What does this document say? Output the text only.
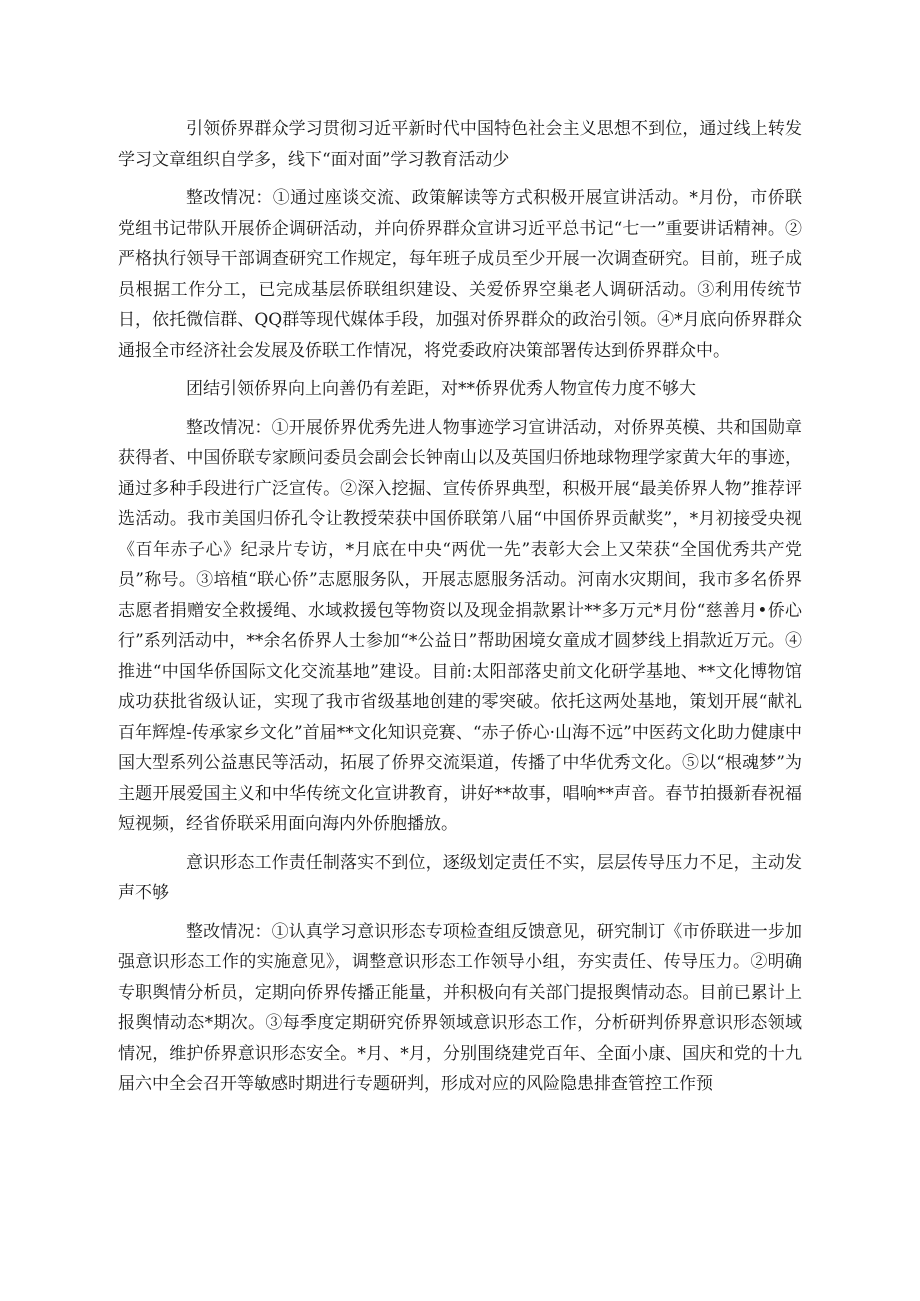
引领侨界群众学习贯彻习近平新时代中国特色社会主义思想不到位，通过线上转发学习文章组织自学多，线下“面对面”学习教育活动少

整改情况：①通过座谈交流、政策解读等方式积极开展宣讲活动。*月份，市侨联党组书记带队开展侨企调研活动，并向侨界群众宣讲习近平总书记“七一”重要讲话精神。②严格执行领导干部调查研究工作规定，每年班子成员至少开展一次调查研究。目前，班子成员根据工作分工，已完成基层侨联组织建设、关爱侨界空巢老人调研活动。③利用传统节日，依托微信群、QQ群等现代媒体手段，加强对侨界群众的政治引领。④*月底向侨界群众通报全市经济社会发展及侨联工作情况，将党委政府决策部署传达到侨界群众中。

团结引领侨界向上向善仍有差距，对**侨界优秀人物宣传力度不够大

整改情况：①开展侨界优秀先进人物事迹学习宣讲活动，对侨界英模、共和国勋章获得者、中国侨联专家顾问委员会副会长钟南山以及英国归侨地球物理学家黄大年的事迹，通过多种手段进行广泛宣传。②深入挖掘、宣传侨界典型，积极开展“最美侨界人物”推荐评选活动。我市美国归侨孔令让教授荣获中国侨联第八届“中国侨界贡献奖”，*月初接受央视《百年赤子心》纪录片专访，*月底在中央“两优一先”表彰大会上又荣获“全国优秀共产党员”称号。③培植“联心侨”志愿服务队，开展志愿服务活动。河南水灾期间，我市多名侨界志愿者捐赠安全救援绳、水域救援包等物资以及现金捐款累计**多万元*月份“慈善月•侨心行”系列活动中，**余名侨界人士参加“*公益日”帮助困境女童成才圆梦线上捐款近万元。④推进“中国华侨国际文化交流基地”建设。目前:太阳部落史前文化研学基地、**文化博物馆成功获批省级认证，实现了我市省级基地创建的零突破。依托这两处基地，策划开展“献礼百年辉煌-传承家乡文化”首届**文化知识竞赛、“赤子侨心·山海不远”中医药文化助力健康中国大型系列公益惠民等活动，拓展了侨界交流渠道，传播了中华优秀文化。⑤以“根魂梦”为主题开展爱国主义和中华传统文化宣讲教育，讲好**故事，唱响**声音。春节拍摄新春祝福短视频，经省侨联采用面向海内外侨胞播放。

意识形态工作责任制落实不到位，逐级划定责任不实，层层传导压力不足，主动发声不够

整改情况：①认真学习意识形态专项检查组反馈意见，研究制订《市侨联进一步加强意识形态工作的实施意见》，调整意识形态工作领导小组，夯实责任、传导压力。②明确专职舆情分析员，定期向侨界传播正能量，并积极向有关部门提报舆情动态。目前已累计上报舆情动态*期次。③每季度定期研究侨界领域意识形态工作，分析研判侨界意识形态领域情况，维护侨界意识形态安全。*月、*月，分别围绕建党百年、全面小康、国庆和党的十九届六中全会召开等敏感时期进行专题研判，形成对应的风险隐患排查管控工作预
